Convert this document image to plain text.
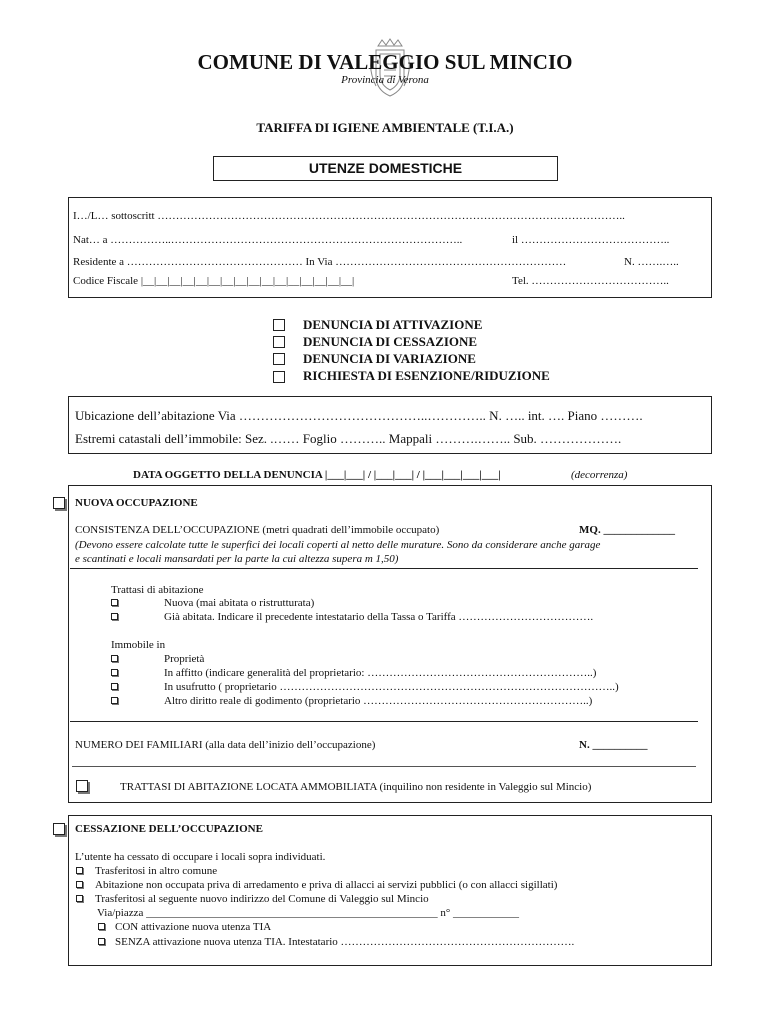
COMUNE DI VALEGGIO SUL MINCIO
Provincia di Verona
TARIFFA DI IGIENE AMBIENTALE (T.I.A.)
UTENZE DOMESTICHE
I…/L… sottoscritt ………………………………………………………………………………………………………………..
Nat… a ……………..……………………………………………………………………..	il …………………………………..
Residente a ………………………………………… In Via ………………………………………………………	N. …….…..
Codice Fiscale |__|__|__|__|__|__|__|__|__|__|__|__|__|__|__|__|	Tel. ………………………………..
DENUNCIA DI ATTIVAZIONE
DENUNCIA DI CESSAZIONE
DENUNCIA DI VARIAZIONE
RICHIESTA DI ESENZIONE/RIDUZIONE
Ubicazione dell’abitazione Via ……………………………………..………….. N. ….. int. …. Piano ……….
Estremi catastali dell’immobile: Sez. .…… Foglio ……….. Mappali ……….…….. Sub. ……………….
DATA OGGETTO DELLA DENUNCIA |___|___| / |___|___| / |___|___|___|___|	(decorrenza)
NUOVA OCCUPAZIONE
CONSISTENZA DELL’OCCUPAZIONE (metri quadrati dell’immobile occupato)	MQ. _____________
(Devono essere calcolate tutte le superfici dei locali coperti al netto delle murature. Sono da considerare anche garage
e scantinati e locali mansardati per la parte la cui altezza supera m 1,50)
Trattasi di abitazione
Nuova (mai abitata o ristrutturata)
Già abitata. Indicare il precedente intestatario della Tassa o Tariffa ……………………………….
Immobile in
Proprietà
In affitto (indicare generalità del proprietario: ……………………………………………………..)
In usufrutto ( proprietario ………………………………………………………………………………..)
Altro diritto reale di godimento (proprietario ……………………………………………………..)
NUMERO DEI FAMILIARI (alla data dell’inizio dell’occupazione)	N. __________
TRATTASI DI ABITAZIONE LOCATA AMMOBILIATA (inquilino non residente in Valeggio sul Mincio)
CESSAZIONE DELL’OCCUPAZIONE
L’utente ha cessato di occupare i locali sopra individuati.
Trasferitosi in altro comune
Abitazione non occupata priva di arredamento e priva di allacci ai servizi pubblici (o con allacci sigillati)
Trasferitosi al seguente nuovo indirizzo del Comune di Valeggio sul Mincio
Via/piazza _____________________________________________________ n° ____________
CON attivazione nuova utenza TIA
SENZA attivazione nuova utenza TIA. Intestatario ……………………………………………………….
